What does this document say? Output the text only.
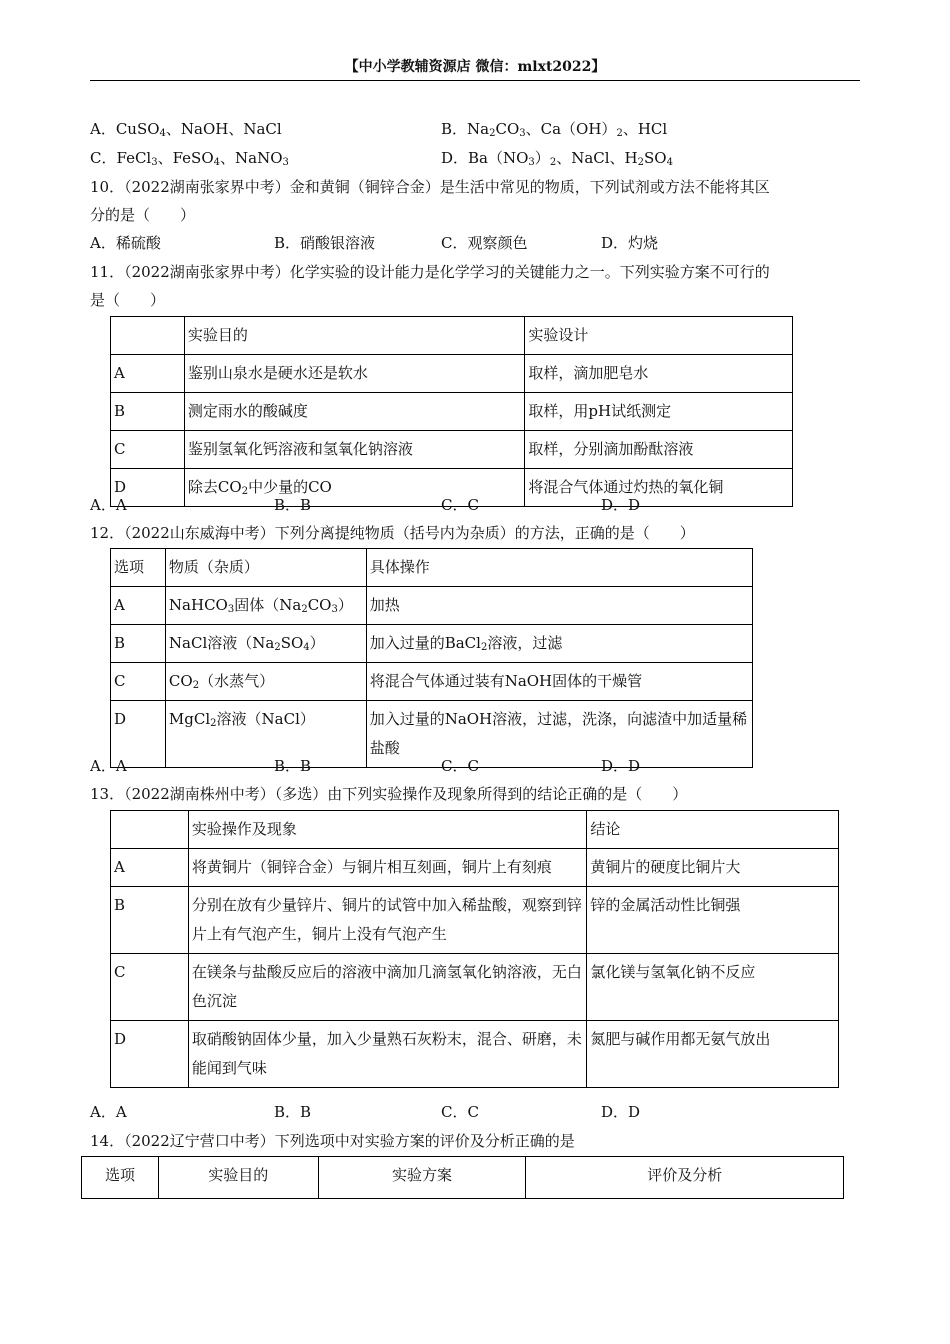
【中小学教辅资源店 微信：mlxt2022】
A．CuSO$_4$、NaOH、NaCl	B．$Na_2CO_3$、$Ca(OH)_2$、HCl
C．FeCl$_3$、FeSO$_4$、NaNO$_3$	D．$Ba(NO_3)_2$、NaCl、$H_2SO_4$
10．（2022湖南张家界中考）金和黄铜（铜锌合金）是生活中常见的物质，下列试剂或方法不能将其区
分的是（　　）
A．稀硫酸	B．硝酸银溶液	C．观察颜色	D．灼烧
11．（2022湖南张家界中考）化学实验的设计能力是化学学习的关键能力之一。下列实验方案不可行的
是（　　）
	实验目的	实验设计
A	鉴别山泉水是硬水还是软水	取样，滴加肥皂水
B	测定雨水的酸碱度	取样，用pH试纸测定
C	鉴别氢氧化钙溶液和氢氧化钠溶液	取样，分别滴加酚酞溶液
D	除去$CO_2$中少量的CO	将混合气体通过灼热的氧化铜
A．A	B．B	C．C	D．D
12．（2022山东威海中考）下列分离提纯物质（括号内为杂质）的方法，正确的是（　　）
选项	物质（杂质）	具体操作
A	NaHCO$_3$固体$(Na_2CO_3)$	加热
B	NaCl溶液$(Na_2SO_4)$	加入过量的BaCl$_2$溶液，过滤
C	$CO_2$（水蒸气）	将混合气体通过装有NaOH固体的干燥管
D	MgCl$_2$溶液（NaCl）	加入过量的NaOH溶液，过滤，洗涤，向滤渣中加适量稀盐酸
A．A	B．B	C．C	D．D
13．（2022湖南株州中考）（多选）由下列实验操作及现象所得到的结论正确的是（　　）
	实验操作及现象	结论
A	将黄铜片（铜锌合金）与铜片相互刻画，铜片上有刻痕	黄铜片的硬度比铜片大
B	分别在放有少量锌片、铜片的试管中加入稀盐酸，观察到锌片上有气泡产生，铜片上没有气泡产生	锌的金属活动性比铜强
C	在镁条与盐酸反应后的溶液中滴加几滴氢氧化钠溶液，无白色沉淀	氯化镁与氢氧化钠不反应
D	取硝酸钠固体少量，加入少量熟石灰粉末，混合、研磨，未能闻到气味	氮肥与碱作用都无氨气放出
A．A	B．B	C．C	D．D
14．（2022辽宁营口中考）下列选项中对实验方案的评价及分析正确的是
选项	实验目的	实验方案	评价及分析
